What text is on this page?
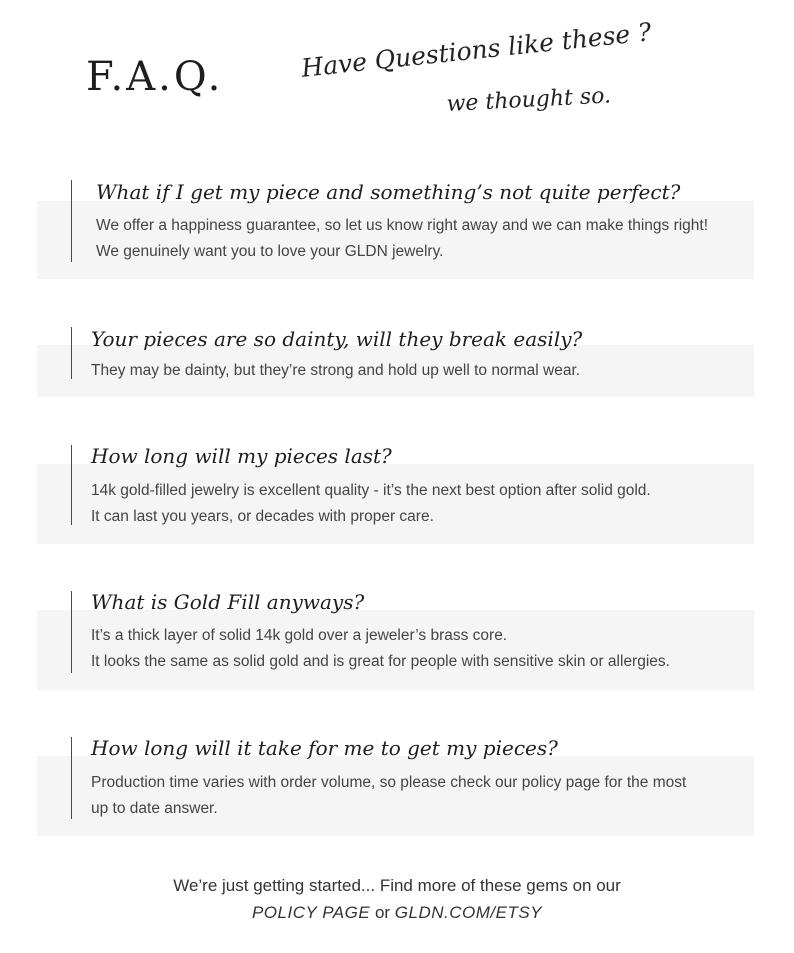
F.A.Q.	Have Questions like these ?
we thought so.
What if I get my piece and something’s not quite perfect?
We offer a happiness guarantee, so let us know right away and we can make things right!
We genuinely want you to love your GLDN jewelry.
Your pieces are so dainty, will they break easily?
They may be dainty, but they’re strong and hold up well to normal wear.
How long will my pieces last?
14k gold-filled jewelry is excellent quality - it’s the next best option after solid gold.
It can last you years, or decades with proper care.
What is Gold Fill anyways?
It’s a thick layer of solid 14k gold over a jeweler’s brass core.
It looks the same as solid gold and is great for people with sensitive skin or allergies.
How long will it take for me to get my pieces?
Production time varies with order volume, so please check our policy page for the most
up to date answer.
We’re just getting started... Find more of these gems on our
POLICY PAGE or GLDN.COM/ETSY
